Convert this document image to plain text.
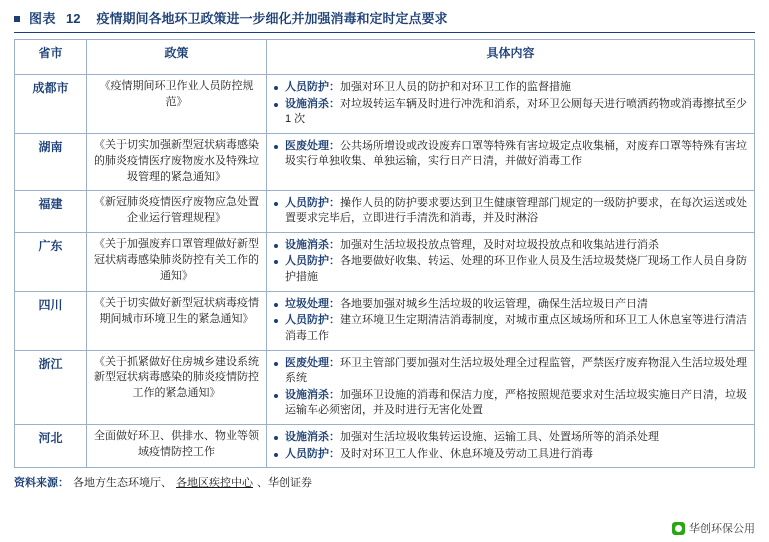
图表 12 疫情期间各地环卫政策进一步细化并加强消毒和定时定点要求
省市	政策	具体内容
成都市	《疫情期间环卫作业人员防控规范》	
人员防护：加强对环卫人员的防护和对环卫工作的监督措施
设施消杀：对垃圾转运车辆及时进行冲洗和消系，对环卫公厕每天进行喷洒药物或消毒擦拭至少 1 次

湖南	《关于切实加强新型冠状病毒感染的肺炎疫情医疗废物废水及特殊垃圾管理的紧急通知》	
医废处理：公共场所增设或改设废弃口罩等特殊有害垃圾定点收集桶，对废弃口罩等特殊有害垃圾实行单独收集、单独运输，实行日产日清，并做好消毒工作

福建	《新冠肺炎疫情医疗废物应急处置企业运行管理规程》	
人员防护：操作人员的防护要求要达到卫生健康管理部门规定的一级防护要求，在每次运送或处置要求完毕后，立即进行手清洗和消毒，并及时淋浴

广东	《关于加强废弃口罩管理做好新型冠状病毒感染肺炎防控有关工作的通知》	
设施消杀：加强对生活垃圾投放点管理，及时对垃圾投放点和收集站进行消杀
人员防护：各地要做好收集、转运、处理的环卫作业人员及生活垃圾焚烧厂现场工作人员自身防护措施

四川	《关于切实做好新型冠状病毒疫情期间城市环境卫生的紧急通知》	
垃圾处理：各地要加强对城乡生活垃圾的收运管理，确保生活垃圾日产日清
人员防护：建立环境卫生定期清洁消毒制度，对城市重点区域场所和环卫工人休息室等进行清洁消毒工作

浙江	《关于抓紧做好住房城乡建设系统新型冠状病毒感染的肺炎疫情防控工作的紧急通知》	
医废处理：环卫主管部门要加强对生活垃圾处理全过程监管，严禁医疗废弃物混入生活垃圾处理系统
设施消杀：加强环卫设施的消毒和保洁力度，严格按照规范要求对生活垃圾实施日产日清，垃圾运输车必须密闭，并及时进行无害化处置

河北	全面做好环卫、供排水、物业等领域疫情防控工作	
设施消杀：加强对生活垃圾收集转运设施、运输工具、处置场所等的消杀处理
人员防护：及时对环卫工人作业、休息环境及劳动工具进行消毒
资料来源： 各地方生态环境厅、 各地区疾控中心 、华创证券
华创环保公用
